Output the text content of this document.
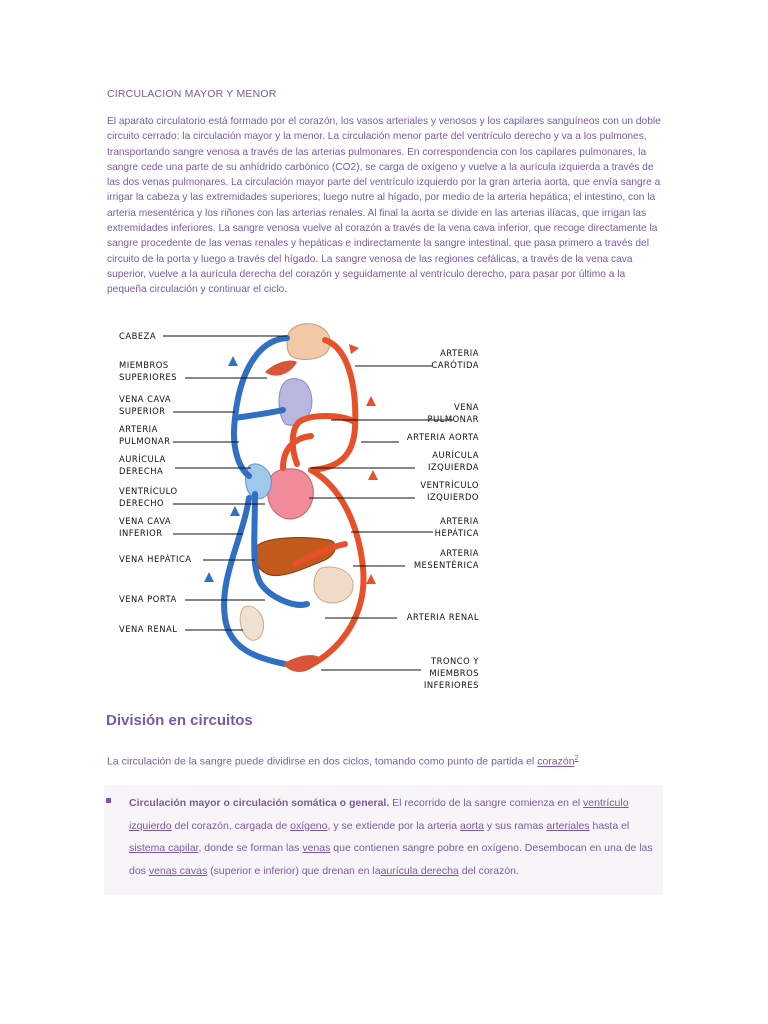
CIRCULACION MAYOR Y MENOR

El aparato circulatorio está formado por el corazón, los vasos arteriales y venosos y los capilares sanguíneos con un doble circuito cerrado: la circulación mayor y la menor. La circulación menor parte del ventrículo derecho y va a los pulmones, transportando sangre venosa a través de las arterias pulmonares. En correspondencia con los capilares pulmonares, la sangre cede una parte de su anhídrido carbónico (CO2), se carga de oxígeno y vuelve a la aurícula izquierda a través de las dos venas pulmonares. La circulación mayor parte del ventrículo izquierdo por la gran arteria aorta, que envía sangre a irrigar la cabeza y las extremidades superiores; luego nutre al hígado, por medio de la arteria hepática; el intestino, con la arteria mesentérica y los riñones con las arterias renales. Al final la aorta se divide en las arterias ilíacas, que irrigan las extremidades inferiores. La sangre venosa vuelve al corazón a través de la vena cava inferior, que recoge directamente la sangre procedente de las venas renales y hepáticas e indirectamente la sangre intestinal, que pasa primero a través del circuito de la porta y luego a través del hígado. La sangre venosa de las regiones cefálicas, a través de la vena cava superior, vuelve a la aurícula derecha del corazón y seguidamente al ventrículo derecho, para pasar por último a la pequeña circulación y continuar el ciclo.

CABEZA
MIEMBROS
SUPERIORES
VENA CAVA
SUPERIOR
ARTERIA
PULMONAR
AURÍCULA
DERECHA
VENTRÍCULO
DERECHO
VENA CAVA
INFERIOR
VENA HEPÁTICA
VENA PORTA
VENA RENAL
ARTERIA
CARÓTIDA
VENA
PULMONAR
ARTERIA AORTA
AURÍCULA
IZQUIERDA
VENTRÍCULO
IZQUIERDO
ARTERIA
HEPÁTICA
ARTERIA
MESENTÉRICA
ARTERIA RENAL
TRONCO Y
MIEMBROS
INFERIORES
División en circuitos
La circulación de la sangre puede dividirse en dos ciclos, tomando como punto de partida el corazón$^2$
Circulación mayor o circulación somática o general. El recorrido de la sangre comienza en el ventrículo izquierdo del corazón, cargada de oxígeno, y se extiende por la arteria aorta y sus ramas arteriales hasta el sistema capilar, donde se forman las venas que contienen sangre pobre en oxígeno. Desembocan en una de las dos venas cavas (superior e inferior) que drenan en laaurícula derecha del corazón.
